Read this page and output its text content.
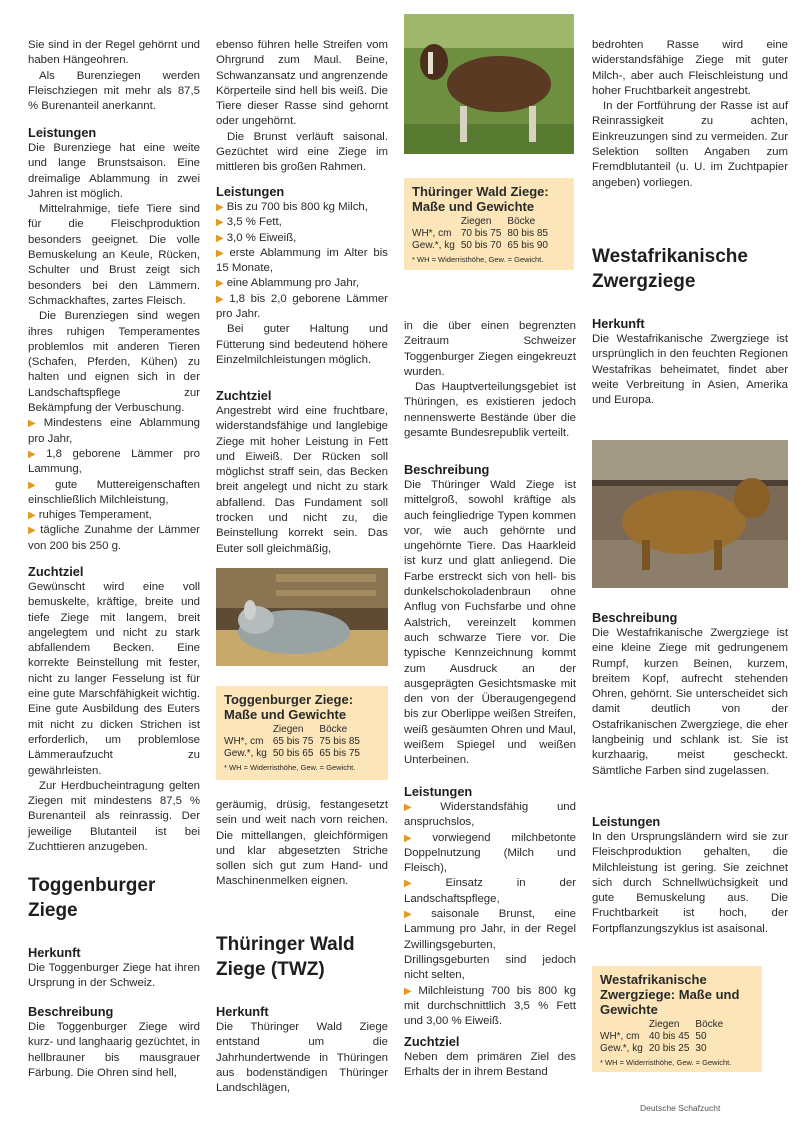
Sie sind in der Regel gehörnt und haben Hängeohren.

Als Burenziegen werden Fleischziegen mit mehr als 87,5 % Burenanteil anerkannt.

Leistungen

Die Burenziege hat eine weite und lange Brunstsaison. Eine dreimalige Ablammung in zwei Jahren ist möglich.

Mittelrahmige, tiefe Tiere sind für die Fleischproduktion besonders geeignet. Die volle Bemuskelung an Keule, Rücken, Schulter und Brust zeigt sich besonders bei den Lämmern. Schmackhaftes, zartes Fleisch.

Die Burenziegen sind wegen ihres ruhigen Temperamentes problemlos mit anderen Tieren (Schafen, Pferden, Kühen) zu halten und eignen sich in der Landschaftspflege zur Bekämpfung der Verbuschung.

▶ Mindestens eine Ablammung pro Jahr,
▶ 1,8 geborene Lämmer pro Lammung,
▶ gute Muttereigenschaften einschließlich Milchleistung,
▶ ruhiges Temperament,
▶ tägliche Zunahme der Lämmer von 200 bis 250 g.
Zuchtziel

Gewünscht wird eine voll bemuskelte, kräftige, breite und tiefe Ziege mit langem, breit angelegtem und nicht zu stark abfallendem Becken. Eine korrekte Beinstellung mit fester, nicht zu langer Fesselung ist für eine gute Marschfähigkeit wichtig. Eine gute Ausbildung des Euters mit nicht zu dicken Strichen ist erforderlich, um problemlose Lämmeraufzucht zu gewährleisten.

Zur Herdbucheintragung gelten Ziegen mit mindestens 87,5 % Burenanteil als reinrassig. Der jeweilige Blutanteil ist bei Zuchttieren anzugeben.

Toggenburger Ziege
Herkunft

Die Toggenburger Ziege hat ihren Ursprung in der Schweiz.

Beschreibung

Die Toggenburger Ziege wird kurz- und langhaarig gezüchtet, in hellbrauner bis mausgrauer Färbung. Die Ohren sind hell,

ebenso führen helle Streifen vom Ohrgrund zum Maul. Beine, Schwanzansatz und angrenzende Körperteile sind hell bis weiß. Die Tiere dieser Rasse sind gehornt oder ungehörnt.

Die Brunst verläuft saisonal. Gezüchtet wird eine Ziege im mittleren bis großen Rahmen.

Leistungen
▶ Bis zu 700 bis 800 kg Milch,
▶ 3,5 % Fett,
▶ 3,0 % Eiweiß,
▶ erste Ablammung im Alter bis 15 Monate,
▶ eine Ablammung pro Jahr,
▶ 1,8 bis 2,0 geborene Lämmer pro Jahr.

Bei guter Haltung und Fütterung sind bedeutend höhere Einzelmilchleistungen möglich.

Zuchtziel

Angestrebt wird eine fruchtbare, widerstandsfähige und langlebige Ziege mit hoher Leistung in Fett und Eiweiß. Der Rücken soll möglichst straff sein, das Becken breit angelegt und nicht zu stark abfallend. Das Fundament soll trocken und nicht zu, die Beinstellung korrekt sein. Das Euter soll gleichmäßig,

Toggenburger Ziege: Maße und Gewichte
	Ziegen	Böcke
WH*, cm	65 bis 75	75 bis 85
Gew.*, kg	50 bis 65	65 bis 75
* WH = Widerristhöhe, Gew. = Gewicht.

geräumig, drüsig, festangesetzt sein und weit nach vorn reichen. Die mittellangen, gleichförmigen und klar abgesetzten Striche sollen sich gut zum Hand- und Maschinenmelken eignen.

Thüringer Wald Ziege (TWZ)
Herkunft

Die Thüringer Wald Ziege entstand um die Jahrhundertwende in Thüringen aus bodenständigen Thüringer Landschlägen,

Thüringer Wald Ziege: Maße und Gewichte
	Ziegen	Böcke
WH*, cm	70 bis 75	80 bis 85
Gew.*, kg	50 bis 70	65 bis 90
* WH = Widerristhöhe, Gew. = Gewicht.

in die über einen begrenzten Zeitraum Schweizer Toggenburger Ziegen eingekreuzt wurden.

Das Hauptverteilungsgebiet ist Thüringen, es existieren jedoch nennenswerte Bestände über die gesamte Bundesrepublik verteilt.

Beschreibung

Die Thüringer Wald Ziege ist mittelgroß, sowohl kräftige als auch feingliedrige Typen kommen vor, wie auch gehörnte und ungehörnte Tiere. Das Haarkleid ist kurz und glatt anliegend. Die Farbe erstreckt sich von hell- bis dunkelschokoladenbraun ohne Anflug von Fuchsfarbe und ohne Aalstrich, vereinzelt kommen auch schwarze Tiere vor. Die typische Kennzeichnung kommt zum Ausdruck an der ausgeprägten Gesichtsmaske mit den von der Überaugengegend bis zur Oberlippe weißen Streifen, weiß gesäumten Ohren und Maul, weißem Spiegel und weißen Unterbeinen.

Leistungen
▶ Widerstandsfähig und anspruchslos,
▶ vorwiegend milchbetonte Doppelnutzung (Milch und Fleisch),
▶ Einsatz in der Landschaftspflege,
▶ saisonale Brunst, eine Lammung pro Jahr, in der Regel Zwillingsgeburten, Drillingsgeburten sind jedoch nicht selten,
▶ Milchleistung 700 bis 800 kg mit durchschnittlich 3,5 % Fett und 3,00 % Eiweiß.
Zuchtziel

Neben dem primären Ziel des Erhalts der in ihrem Bestand

bedrohten Rasse wird eine widerstandsfähige Ziege mit guter Milch-, aber auch Fleischleistung und hoher Fruchtbarkeit angestrebt.

In der Fortführung der Rasse ist auf Reinrassigkeit zu achten, Einkreuzungen sind zu vermeiden. Zur Selektion sollten Angaben zum Fremdblutanteil (u. U. im Zuchtpapier angeben) vorliegen.

Westafrikanische Zwergziege
Herkunft

Die Westafrikanische Zwergziege ist ursprünglich in den feuchten Regionen Westafrikas beheimatet, findet aber weite Verbreitung in Asien, Amerika und Europa.

Beschreibung

Die Westafrikanische Zwergziege ist eine kleine Ziege mit gedrungenem Rumpf, kurzen Beinen, kurzem, breitem Kopf, aufrecht stehenden Ohren, gehörnt. Sie unterscheidet sich damit deutlich von der Ostafrikanischen Zwergziege, die eher langbeinig und schlank ist. Sie ist kurzhaarig, meist gescheckt. Sämtliche Farben sind zugelassen.

Leistungen

In den Ursprungsländern wird sie zur Fleischproduktion gehalten, die Milchleistung ist gering. Sie zeichnet sich durch Schnellwüchsigkeit und gute Bemuskelung aus. Die Fruchtbarkeit ist hoch, der Fortpflanzungszyklus ist asaisonal.

Westafrikanische Zwergziege: Maße und Gewichte
	Ziegen	Böcke
WH*, cm	40 bis 45	50
Gew.*, kg	20 bis 25	30
* WH = Widerristhöhe, Gew. = Gewicht.
Deutsche Schafzucht
